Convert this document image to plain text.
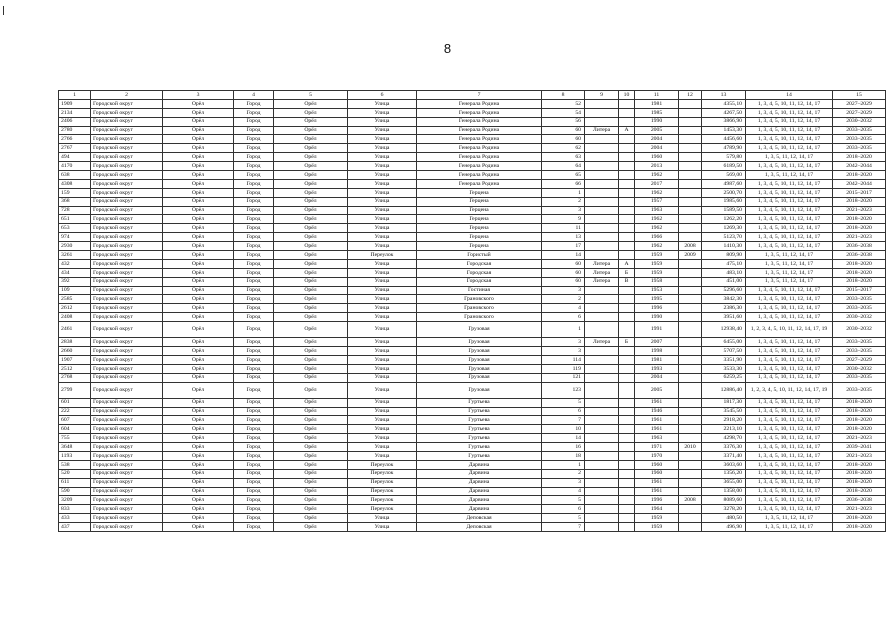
8
1	2	3	4	5	6	7	8	9	10	11	12	13	14	15
1909	Городской округ	Орёл	Город	Орёл	Улица	Генерала Родина	52			1981		4355,10	1, 3, 4, 5, 10, 11, 12, 14, 17	2027–2029
2134	Городской округ	Орёл	Город	Орёл	Улица	Генерала Родина	54			1985		4267,50	1, 3, 4, 5, 10, 11, 12, 14, 17	2027–2029
2406	Городской округ	Орёл	Город	Орёл	Улица	Генерала Родина	56			1990		3866,90	1, 3, 4, 5, 10, 11, 12, 14, 17	2030–2032
2780	Городской округ	Орёл	Город	Орёл	Улица	Генерала Родина	60	Литера	А	2005		1453,30	1, 3, 4, 5, 10, 11, 12, 14, 17	2033–2035
2766	Городской округ	Орёл	Город	Орёл	Улица	Генерала Родина	60			2004		4456,60	1, 3, 4, 5, 10, 11, 12, 14, 17	2033–2035
2767	Городской округ	Орёл	Город	Орёл	Улица	Генерала Родина	62			2004		4789,90	1, 3, 4, 5, 10, 11, 12, 14, 17	2033–2035
494	Городской округ	Орёл	Город	Орёл	Улица	Генерала Родина	63			1960		579,80	1, 3, 5, 11, 12, 14, 17	2018–2020
4170	Городской округ	Орёл	Город	Орёл	Улица	Генерала Родина	64			2013		6189,50	1, 3, 4, 5, 10, 11, 12, 14, 17	2042–2044
638	Городской округ	Орёл	Город	Орёл	Улица	Генерала Родина	65			1962		569,00	1, 3, 5, 11, 12, 14, 17	2018–2020
4308	Городской округ	Орёл	Город	Орёл	Улица	Генерала Родина	66			2017		4987,60	1, 3, 4, 5, 10, 11, 12, 14, 17	2042–2044
159	Городской округ	Орёл	Город	Орёл	Улица	Герцена	1			1962		2500,70	1, 3, 4, 5, 10, 11, 12, 14, 17	2015–2017
368	Городской округ	Орёл	Город	Орёл	Улица	Герцена	2			1957		1985,60	1, 3, 4, 5, 10, 11, 12, 14, 17	2018–2020
728	Городской округ	Орёл	Город	Орёл	Улица	Герцена	3			1963		1589,50	1, 3, 4, 5, 10, 11, 12, 14, 17	2021–2023
651	Городской округ	Орёл	Город	Орёл	Улица	Герцена	9			1962		1262,20	1, 3, 4, 5, 10, 11, 12, 14, 17	2018–2020
653	Городской округ	Орёл	Город	Орёл	Улица	Герцена	11			1962		1269,30	1, 3, 4, 5, 10, 11, 12, 14, 17	2018–2020
974	Городской округ	Орёл	Город	Орёл	Улица	Герцена	13			1966		5123,70	1, 3, 4, 5, 10, 11, 12, 14, 17	2021–2023
2930	Городской округ	Орёл	Город	Орёл	Улица	Герцена	17			1962	2008	1410,30	1, 3, 4, 5, 10, 11, 12, 14, 17	2036–2038
3261	Городской округ	Орёл	Город	Орёл	Переулок	Гористый	14			1959	2009	809,90	1, 3, 5, 11, 12, 14, 17	2036–2038
432	Городской округ	Орёл	Город	Орёл	Улица	Городская	60	Литера	А	1959		475,10	1, 3, 5, 11, 12, 14, 17	2018–2020
434	Городской округ	Орёл	Город	Орёл	Улица	Городская	60	Литера	Б	1959		483,10	1, 3, 5, 11, 12, 14, 17	2018–2020
392	Городской округ	Орёл	Город	Орёл	Улица	Городская	60	Литера	В	1958		451,00	1, 3, 5, 11, 12, 14, 17	2018–2020
109	Городской округ	Орёл	Город	Орёл	Улица	Гостиная	3			1953		5296,60	1, 3, 4, 5, 10, 11, 12, 14, 17	2015–2017
2585	Городской округ	Орёл	Город	Орёл	Улица	Грановского	2			1995		3842,30	1, 3, 4, 5, 10, 11, 12, 14, 17	2033–2035
2612	Городской округ	Орёл	Город	Орёл	Улица	Грановского	4			1996		2386,30	1, 3, 4, 5, 10, 11, 12, 14, 17	2033–2035
2408	Городской округ	Орёл	Город	Орёл	Улица	Грановского	6			1990		3951,60	1, 3, 4, 5, 10, 11, 12, 14, 17	2030–2032
2461	Городской округ	Орёл	Город	Орёл	Улица	Грузовая	1			1991		12938,40	1, 2, 3, 4, 5, 10, 11, 12, 14, 17, 19	2030–2032
2838	Городской округ	Орёл	Город	Орёл	Улица	Грузовая	3	Литера	Б	2007		6455,00	1, 3, 4, 5, 10, 11, 12, 14, 17	2033–2035
2660	Городской округ	Орёл	Город	Орёл	Улица	Грузовая	3			1998		5707,50	1, 3, 4, 5, 10, 11, 12, 14, 17	2033–2035
1907	Городской округ	Орёл	Город	Орёл	Улица	Грузовая	114			1981		3351,90	1, 3, 4, 5, 10, 11, 12, 14, 17	2027–2029
2512	Городской округ	Орёл	Город	Орёл	Улица	Грузовая	119			1993		3533,30	1, 3, 4, 5, 10, 11, 12, 14, 17	2030–2032
2768	Городской округ	Орёл	Город	Орёл	Улица	Грузовая	121			2004		6259,25	1, 3, 4, 5, 10, 11, 12, 14, 17	2033–2035
2799	Городской округ	Орёл	Город	Орёл	Улица	Грузовая	123			2005		12886,40	1, 2, 3, 4, 5, 10, 11, 12, 14, 17, 19	2033–2035
601	Городской округ	Орёл	Город	Орёл	Улица	Гуртьева	5			1961		1817,30	1, 3, 4, 5, 10, 11, 12, 14, 17	2018–2020
222	Городской округ	Орёл	Город	Орёл	Улица	Гуртьева	6			1946		3545,50	1, 3, 4, 5, 10, 11, 12, 14, 17	2018–2020
607	Городской округ	Орёл	Город	Орёл	Улица	Гуртьева	7			1961		2918,20	1, 3, 4, 5, 10, 11, 12, 14, 17	2018–2020
604	Городской округ	Орёл	Город	Орёл	Улица	Гуртьева	10			1961		2213,10	1, 3, 4, 5, 10, 11, 12, 14, 17	2018–2020
755	Городской округ	Орёл	Город	Орёл	Улица	Гуртьева	14			1963		4298,70	1, 3, 4, 5, 10, 11, 12, 14, 17	2021–2023
3648	Городской округ	Орёл	Город	Орёл	Улица	Гуртьева	16			1971	2010	3376,30	1, 3, 4, 5, 10, 11, 12, 14, 17	2039–2041
1193	Городской округ	Орёл	Город	Орёл	Улица	Гуртьева	18			1970		3371,40	1, 3, 4, 5, 10, 11, 12, 14, 17	2021–2023
538	Городской округ	Орёл	Город	Орёл	Переулок	Дарвина	1			1960		3603,60	1, 3, 4, 5, 10, 11, 12, 14, 17	2018–2020
520	Городской округ	Орёл	Город	Орёл	Переулок	Дарвина	2			1960		1356,20	1, 3, 4, 5, 10, 11, 12, 14, 17	2018–2020
611	Городской округ	Орёл	Город	Орёл	Переулок	Дарвина	3			1961		3655,00	1, 3, 4, 5, 10, 11, 12, 14, 17	2018–2020
590	Городской округ	Орёл	Город	Орёл	Переулок	Дарвина	4			1961		1358,00	1, 3, 4, 5, 10, 11, 12, 14, 17	2018–2020
3209	Городской округ	Орёл	Город	Орёл	Переулок	Дарвина	5			1996	2008	8089,60	1, 3, 4, 5, 10, 11, 12, 14, 17	2036–2038
833	Городской округ	Орёл	Город	Орёл	Переулок	Дарвина	6			1964		3278,20	1, 3, 4, 5, 10, 11, 12, 14, 17	2021–2023
433	Городской округ	Орёл	Город	Орёл	Улица	Деповская	5			1959		480,50	1, 3, 5, 11, 12, 14, 17	2018–2020
437	Городской округ	Орёл	Город	Орёл	Улица	Деповская	7			1959		496,90	1, 3, 5, 11, 12, 14, 17	2018–2020
